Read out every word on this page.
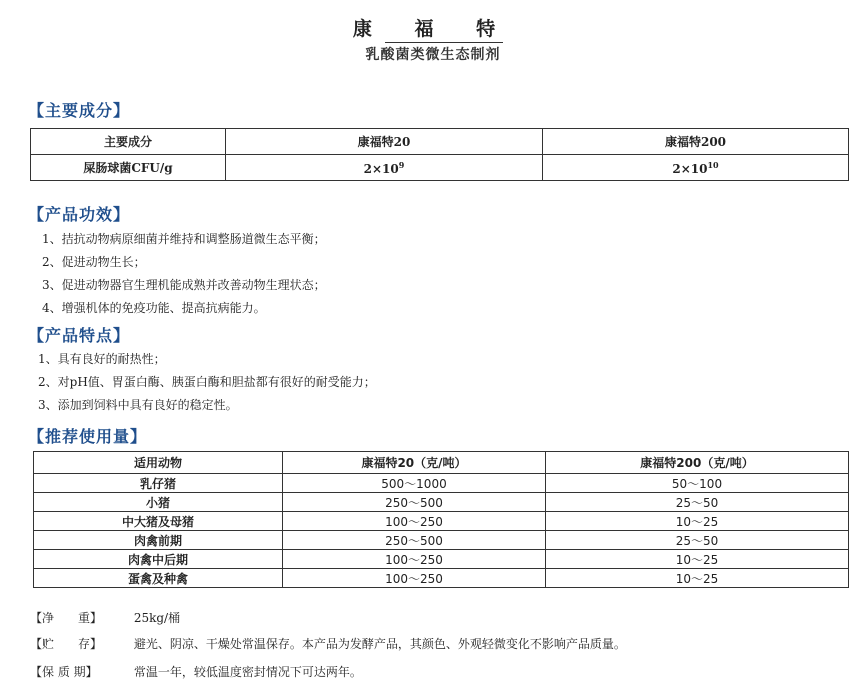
康 福 特
乳酸菌类微生态制剂
【主要成分】
主要成分	康福特20	康福特200
屎肠球菌CFU/g	$2\times 10^9$	$2\times 10^{10}$
【产品功效】
1、拮抗动物病原细菌并维持和调整肠道微生态平衡；
2、促进动物生长；
3、促进动物器官生理机能成熟并改善动物生理状态；
4、增强机体的免疫功能、提高抗病能力。
【产品特点】
1、具有良好的耐热性；
2、对pH值、胃蛋白酶、胰蛋白酶和胆盐都有很好的耐受能力；
3、添加到饲料中具有良好的稳定性。
【推荐使用量】
适用动物	康福特20（克/吨）	康福特200（克/吨）
乳仔猪	500～1000	50～100
小猪	250～500	25～50
中大猪及母猪	100～250	10～25
肉禽前期	250～500	25～50
肉禽中后期	100～250	10～25
蛋禽及种禽	100～250	10～25
【净　　重】	25kg/桶
【贮　　存】	避光、阴凉、干燥处常温保存。本产品为发酵产品，其颜色、外观轻微变化不影响产品质量。
【保 质 期】	常温一年，较低温度密封情况下可达两年。
